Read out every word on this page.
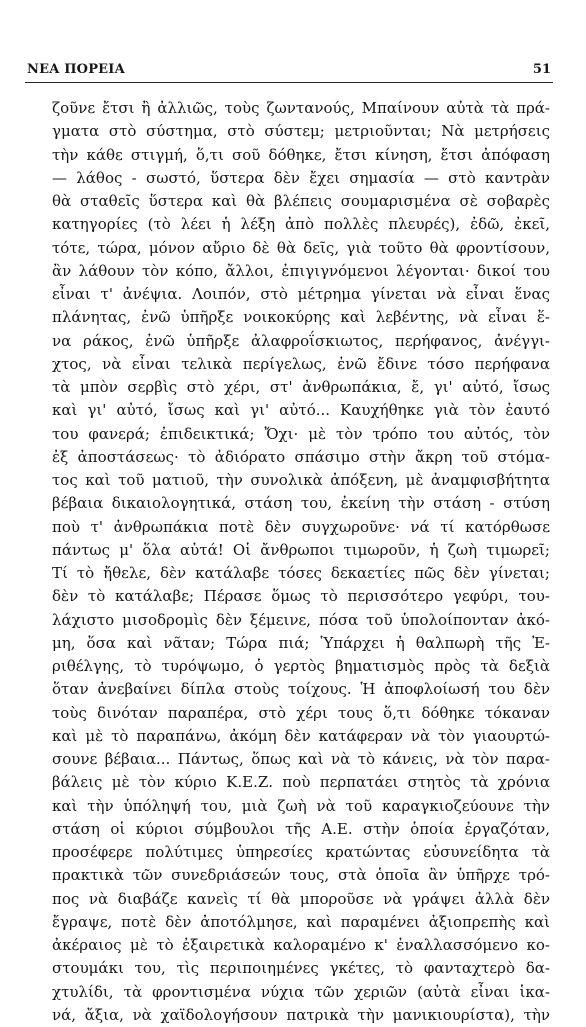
ΝΕΑ ΠΟΡΕΙΑ	51
ζοῦνε ἔτσι ἢ ἀλλιῶς, τοὺς ζωντανούς, Μπαίνουν αὐτὰ τὰ πρά-
γματα στὸ σύστημα, στὸ σύστεμ; μετριοῦνται; Νὰ μετρήσεις
τὴν κάθε στιγμή, ὅ,τι σοῦ δόθηκε, ἔτσι κίνηση, ἔτσι ἀπόφαση
— λάθος - σωστό, ὕστερα δὲν ἔχει σημασία — στὸ καντρὰν
θὰ σταθεῖς ὕστερα καὶ θὰ βλέπεις σουμαρισμένα σὲ σοβαρὲς
κατηγορίες (τὸ λέει ἡ λέξη ἀπὸ πολλὲς πλευρές), ἐδῶ, ἐκεῖ,
τότε, τώρα, μόνον αὔριο δὲ θὰ δεῖς, γιὰ τοῦτο θὰ φροντίσουν,
ἂν λάθουν τὸν κόπο, ἄλλοι, ἐπιγιγνόμενοι λέγονται· δικοί του
εἶναι τ' ἀνέψια. Λοιπόν, στὸ μέτρημα γίνεται νὰ εἶναι ἕνας
πλάνητας, ἐνῶ ὑπῆρξε νοικοκύρης καὶ λεβέντης, νὰ εἶναι ἕ-
να ράκος, ἐνῶ ὑπῆρξε ἀλαφροΐσκιωτος, περήφανος, ἀνέγγι-
χτος, νὰ εἶναι τελικὰ περίγελως, ἐνῶ ἔδινε τόσο περήφανα
τὰ μπὸν σερβὶς στὸ χέρι, στ' ἀνθρωπάκια, ἔ, γι' αὐτό, ἴσως
καὶ γι' αὐτό, ἴσως καὶ γι' αὐτό... Καυχήθηκε γιὰ τὸν ἑαυτό
του φανερά; ἐπιδεικτικά; Ὄχι· μὲ τὸν τρόπο του αὐτός, τὸν
ἐξ ἀποστάσεως· τὸ ἀδιόρατο σπάσιμο στὴν ἄκρη τοῦ στόμα-
τος καὶ τοῦ ματιοῦ, τὴν συνολικὰ ἀπόξενη, μὲ ἀναμφισβήτητα
βέβαια δικαιολογητικά, στάση του, ἐκείνη τὴν στάση - στύση
ποὺ τ' ἀνθρωπάκια ποτὲ δὲν συγχωροῦνε· νά τί κατόρθωσε
πάντως μ' ὅλα αὐτά! Οἱ ἄνθρωποι τιμωροῦν, ἡ ζωὴ τιμωρεῖ;
Τί τὸ ἤθελε, δὲν κατάλαβε τόσες δεκαετίες πῶς δὲν γίνεται;
δὲν τὸ κατάλαβε; Πέρασε ὅμως τὸ περισσότερο γεφύρι, του-
λάχιστο μισοδρομὶς δὲν ξέμεινε, πόσα τοῦ ὑπολοίπονταν ἀκό-
μη, ὅσα καὶ νᾶταν; Τώρα πιά; Ὑπάρχει ἡ θαλπωρὴ τῆς Ἐ-
ριθέλγης, τὸ τυρόψωμο, ὁ γερτὸς βηματισμὸς πρὸς τὰ δεξιὰ
ὅταν ἀνεβαίνει δίπλα στοὺς τοίχους. Ἡ ἀποφλοίωσή του δὲν
τοὺς δινόταν παραπέρα, στὸ χέρι τους ὅ,τι δόθηκε τόκαναν
καὶ μὲ τὸ παραπάνω, ἀκόμη δὲν κατάφεραν νὰ τὸν γιαουρτώ-
σουνε βέβαια... Πάντως, ὅπως καὶ νὰ τὸ κάνεις, νὰ τὸν παρα-
βάλεις μὲ τὸν κύριο Κ.Ε.Ζ. ποὺ περπατάει στητὸς τὰ χρόνια
καὶ τὴν ὑπόληψή του, μιὰ ζωὴ νὰ τοῦ καραγκιοζεύουνε τὴν
στάση οἱ κύριοι σύμβουλοι τῆς Α.Ε. στὴν ὁποία ἐργαζόταν,
προσέφερε πολύτιμες ὑπηρεσίες κρατώντας εὐσυνείδητα τὰ
πρακτικὰ τῶν συνεδριάσεών τους, στὰ ὁποῖα ἂν ὑπῆρχε τρό-
πος νὰ διαβάζε κανεὶς τί θὰ μποροῦσε νὰ γράψει ἀλλὰ δὲν
ἔγραψε, ποτὲ δὲν ἀποτόλμησε, καὶ παραμένει ἀξιοπρεπὴς καὶ
ἀκέραιος μὲ τὸ ἐξαιρετικὰ καλοραμένο κ' ἐναλλασσόμενο κο-
στουμάκι του, τὶς περιποιημένες γκέτες, τὸ φανταχτερὸ δα-
χτυλίδι, τὰ φροντισμένα νύχια τῶν χεριῶν (αὐτὰ εἶναι ἱκα-
νά, ἄξια, νὰ χαϊδολογήσουν πατρικὰ τὴν μανικιουρίστα), τὴν
